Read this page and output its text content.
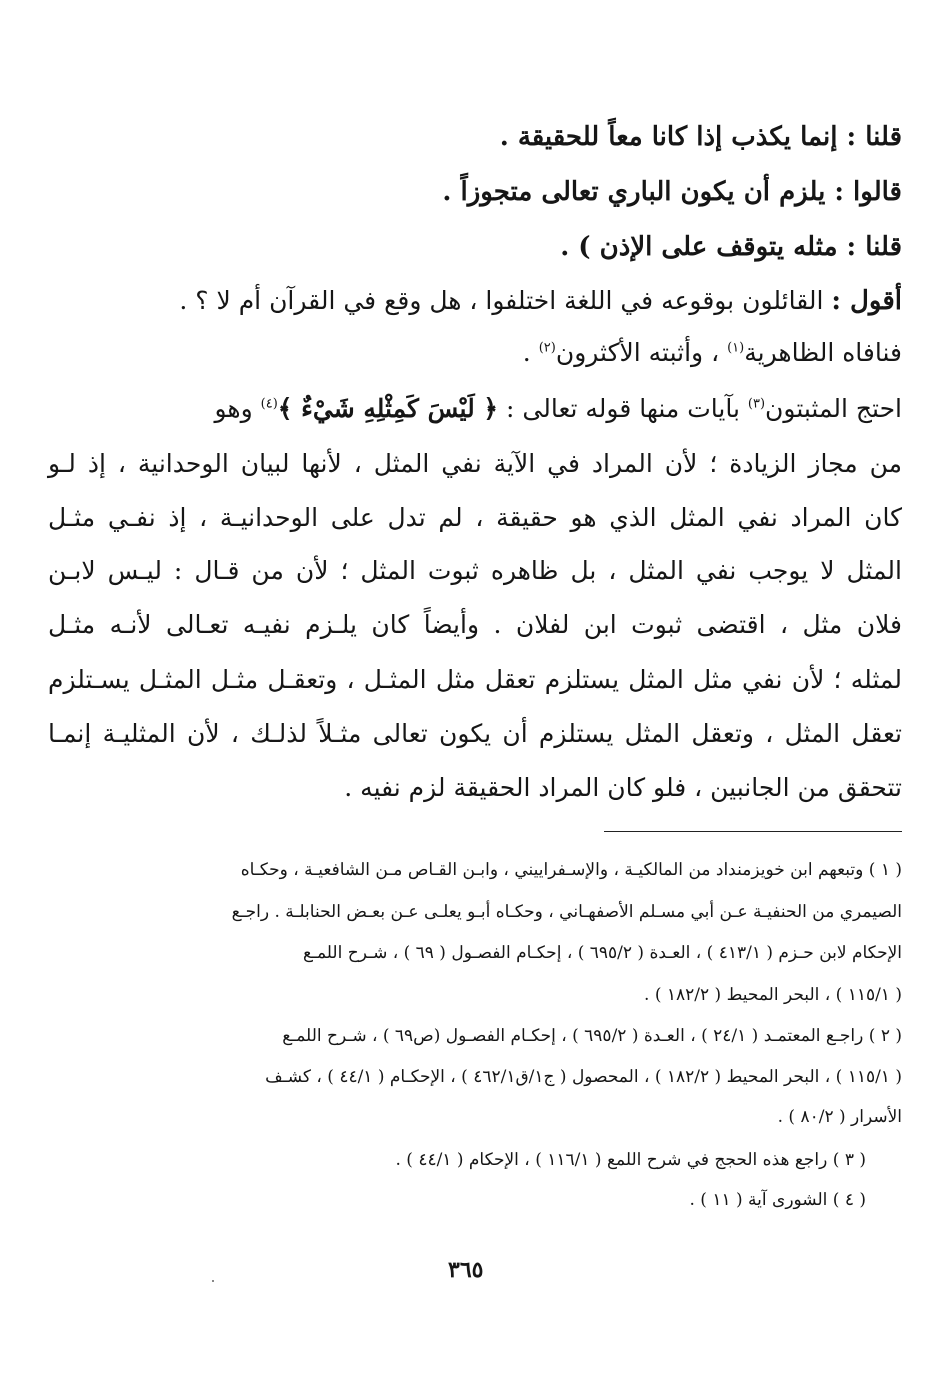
قلنا : إنما يكذب إذا كانا معاً للحقيقة .
قالوا : يلزم أن يكون الباري تعالى متجوزاً .
قلنا : مثله يتوقف على الإذن ) .
أقول : القائلون بوقوعه في اللغة اختلفوا ، هل وقع في القرآن أم لا ؟ .
فنافاه الظاهرية$^{(١)}$ ، وأثبته الأكثرون$^{(٢)}$ .
احتج المثبتون$^{(٣)}$ بآيات منها قوله تعالى : ﴿ لَيْسَ كَمِثْلِهِ شَيْءٌ ﴾$^{(٤)}$ وهو
من مجاز الزيادة ؛ لأن المراد في الآية نفي المثل ، لأنها لبيان الوحدانية ، إذ لـو
كان المراد نفي المثل الذي هو حقيقة ، لم تدل على الوحدانيـة ، إذ نفـي مثـل
المثل لا يوجب نفي المثل ، بل ظاهره ثبوت المثل ؛ لأن من قـال : ليـس لابـن
فلان مثل ، اقتضى ثبوت ابن لفلان . وأيضاً كان يلـزم نفيـه تعـالى لأنـه مثـل
لمثله ؛ لأن نفي مثل المثل يستلزم تعقل مثل المثـل ، وتعقـل مثـل المثـل يسـتلزم
تعقل المثل ، وتعقل المثل يستلزم أن يكون تعالى مثـلاً لذلـك ، لأن المثليـة إنمـا
تتحقق من الجانبين ، فلو كان المراد الحقيقة لزم نفيه .
( ١ ) وتبعهم ابن خويزمنداد من المالكيـة ، والإسـفراييني ، وابـن القـاص مـن الشافعيـة ، وحكـاه
الصيمري من الحنفيـة عـن أبي مسـلم الأصفهـاني ، وحكـاه أبـو يعلـى عـن بعـض الحنابلـة . راجـع
الإحكام لابن حـزم ( ٤١٣/١ ) ، العـدة ( ٦٩٥/٢ ) ، إحكـام الفصـول ( ٦٩ ) ، شـرح اللمـع
( ١١٥/١ ) ، البحر المحيط ( ١٨٢/٢ ) .
( ٢ ) راجـع المعتمـد ( ٢٤/١ ) ، العـدة ( ٦٩٥/٢ ) ، إحكـام الفصـول (ص٦٩ ) ، شـرح اللمـع
( ١١٥/١ ) ، البحر المحيط ( ١٨٢/٢ ) ، المحصول ( ج١/ق٤٦٢/١ ) ، الإحكـام ( ٤٤/١ ) ، كشـف
الأسرار ( ٨٠/٢ ) .
( ٣ ) راجع هذه الحجج في شرح اللمع ( ١١٦/١ ) ، الإحكام ( ٤٤/١ ) .
( ٤ ) الشورى آية ( ١١ ) .
٣٦٥
